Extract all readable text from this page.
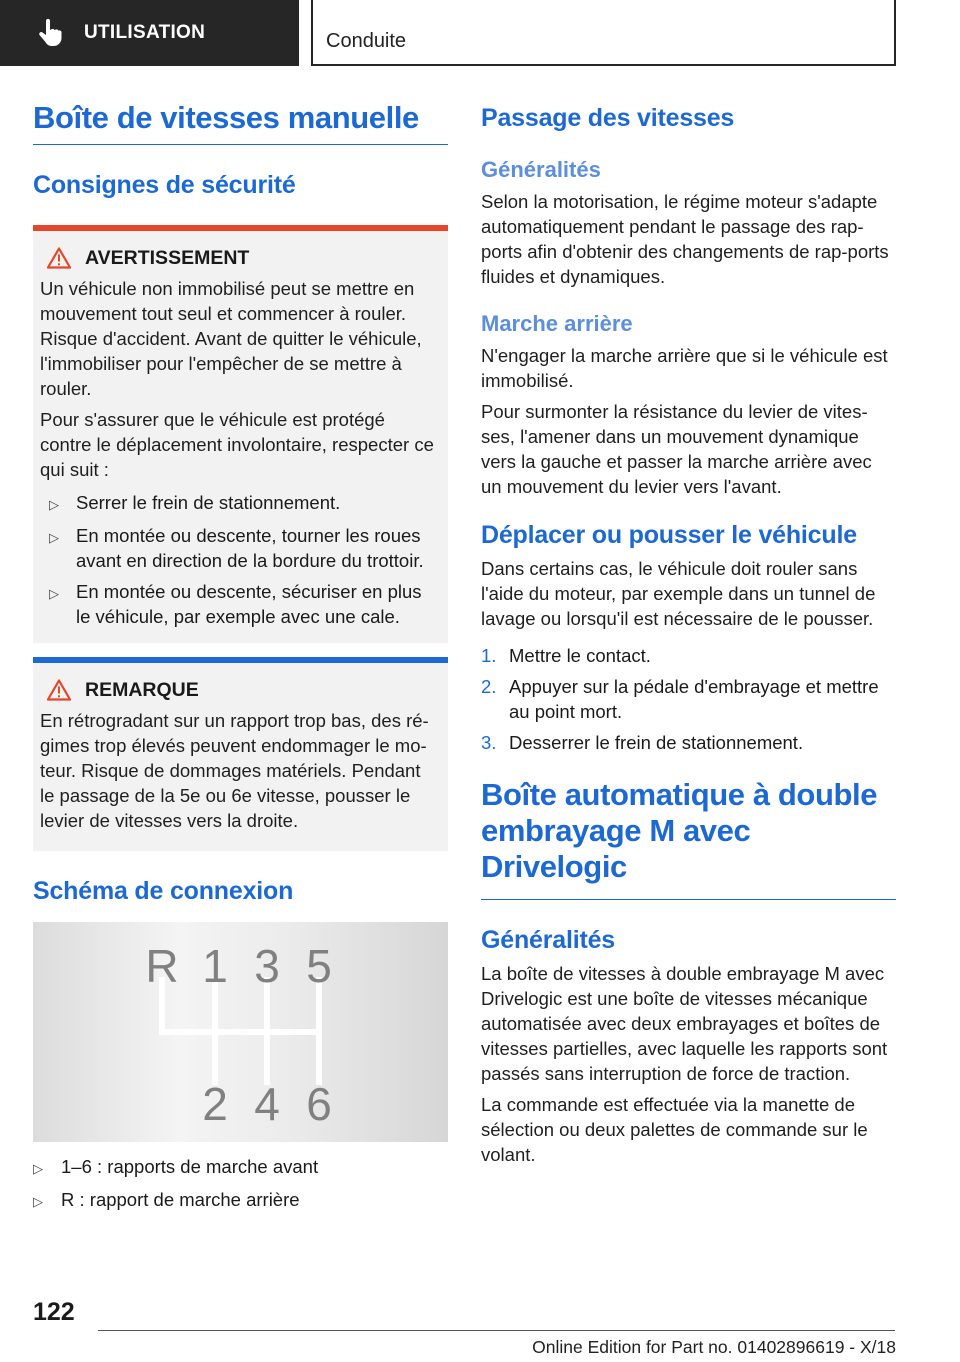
UTILISATION	Conduite
Boîte de vitesses manuelle
Consignes de sécurité
AVERTISSEMENT

Un véhicule non immobilisé peut se mettre en mouvement tout seul et commencer à rouler. Risque d'accident. Avant de quitter le véhicule, l'immobiliser pour l'empêcher de se mettre à rouler.

Pour s'assurer que le véhicule est protégé contre le déplacement involontaire, respecter ce qui suit :

▷ Serrer le frein de stationnement.
▷ En montée ou descente, tourner les roues avant en direction de la bordure du trottoir.
▷ En montée ou descente, sécuriser en plus le véhicule, par exemple avec une cale.
REMARQUE

En rétrogradant sur un rapport trop bas, des ré-gimes trop élevés peuvent endommager le mo-teur. Risque de dommages matériels. Pendant le passage de la 5e ou 6e vitesse, pousser le levier de vitesses vers la droite.

Schéma de connexion
R 1 3 5
2 4 6
▷ 1–6 : rapports de marche avant
▷ R : rapport de marche arrière
Passage des vitesses
Généralités

Selon la motorisation, le régime moteur s'adapte automatiquement pendant le passage des rap-ports afin d'obtenir des changements de rap-ports fluides et dynamiques.

Marche arrière

N'engager la marche arrière que si le véhicule est immobilisé.

Pour surmonter la résistance du levier de vites-ses, l'amener dans un mouvement dynamique vers la gauche et passer la marche arrière avec un mouvement du levier vers l'avant.

Déplacer ou pousser le véhicule

Dans certains cas, le véhicule doit rouler sans l'aide du moteur, par exemple dans un tunnel de lavage ou lorsqu'il est nécessaire de le pousser.

1. Mettre le contact.
2. Appuyer sur la pédale d'embrayage et mettre au point mort.
3. Desserrer le frein de stationnement.
Boîte automatique à double embrayage M avec Drivelogic
Généralités

La boîte de vitesses à double embrayage M avec Drivelogic est une boîte de vitesses mécanique automatisée avec deux embrayages et boîtes de vitesses partielles, avec laquelle les rapports sont passés sans interruption de force de traction.

La commande est effectuée via la manette de sélection ou deux palettes de commande sur le volant.

122
Online Edition for Part no. 01402896619 - X/18
